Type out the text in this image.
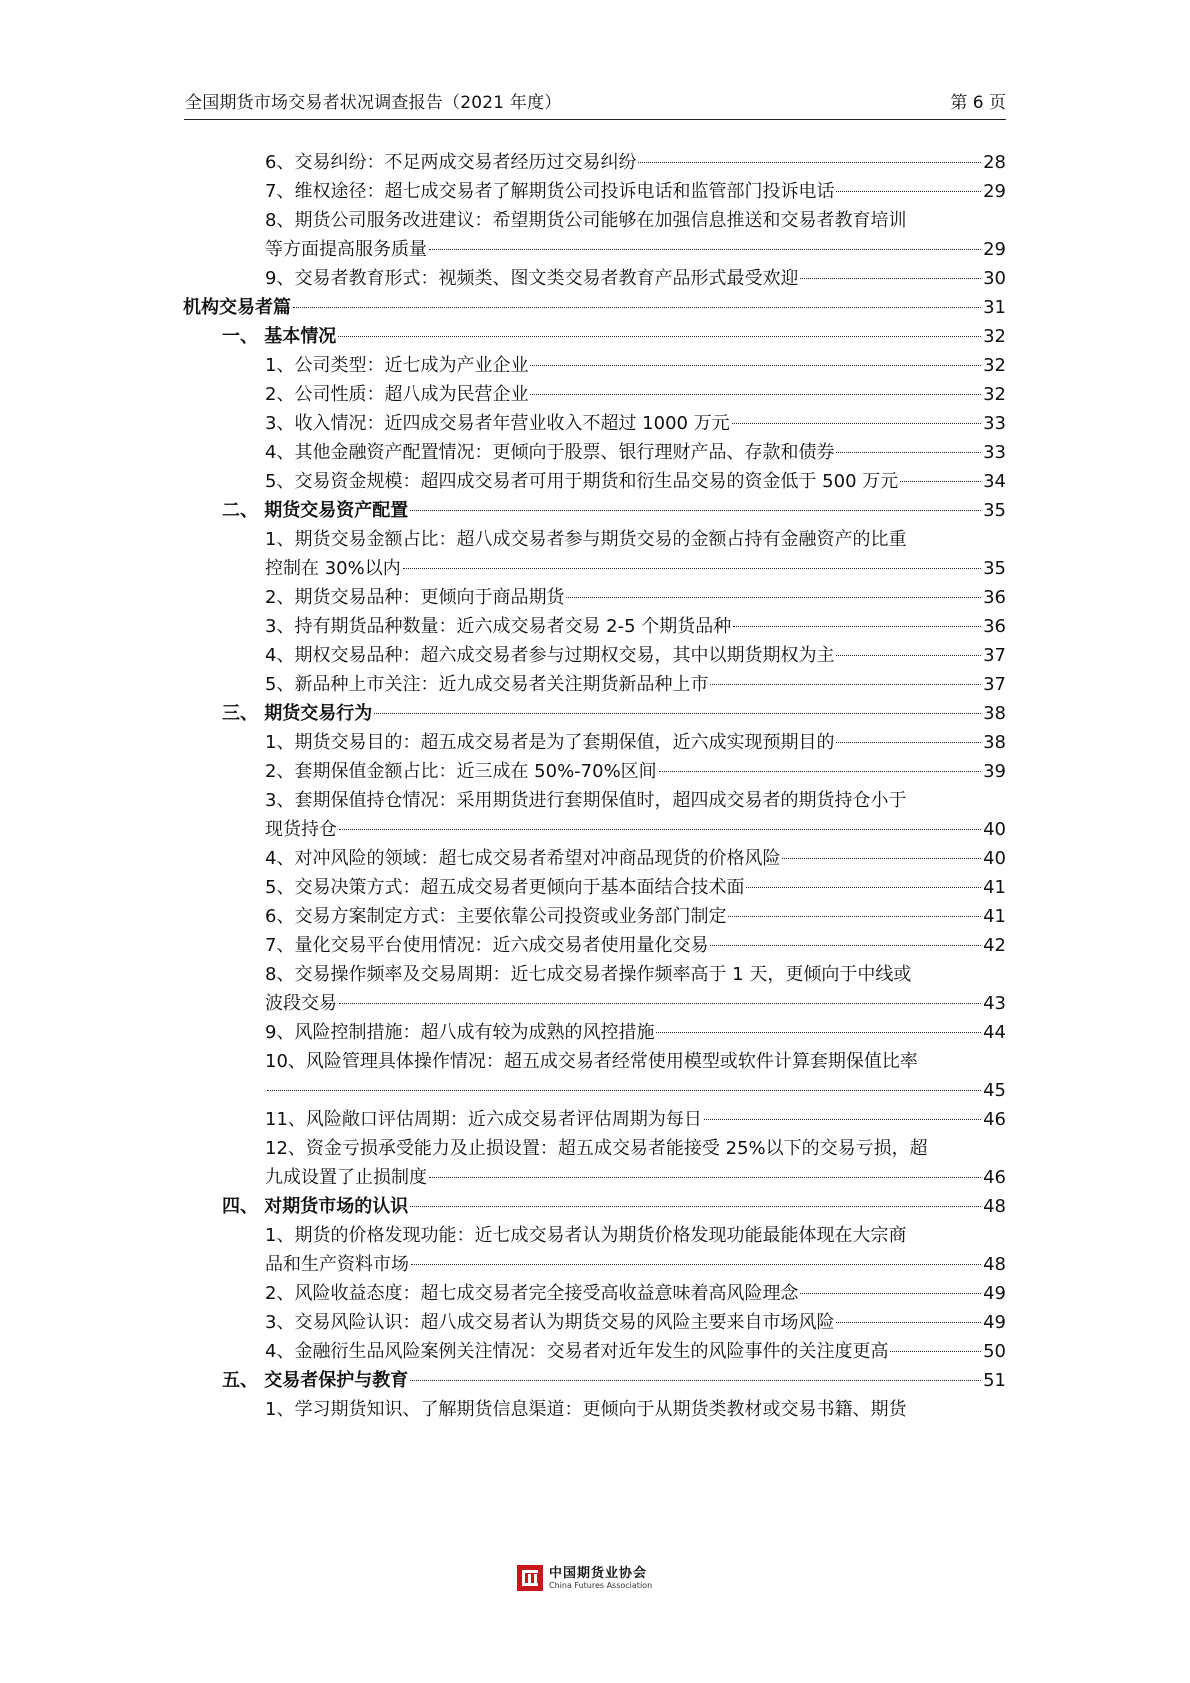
全国期货市场交易者状况调查报告（2021 年度）	第 6 页
6、交易纠纷：不足两成交易者经历过交易纠纷	28
7、维权途径：超七成交易者了解期货公司投诉电话和监管部门投诉电话	29
8、期货公司服务改进建议：希望期货公司能够在加强信息推送和交易者教育培训
等方面提高服务质量	29
9、交易者教育形式：视频类、图文类交易者教育产品形式最受欢迎	30
机构交易者篇	31
一、 基本情况	32
1、公司类型：近七成为产业企业	32
2、公司性质：超八成为民营企业	32
3、收入情况：近四成交易者年营业收入不超过 1000 万元	33
4、其他金融资产配置情况：更倾向于股票、银行理财产品、存款和债券	33
5、交易资金规模：超四成交易者可用于期货和衍生品交易的资金低于 500 万元	34
二、 期货交易资产配置	35
1、期货交易金额占比：超八成交易者参与期货交易的金额占持有金融资产的比重
控制在 30%以内	35
2、期货交易品种：更倾向于商品期货	36
3、持有期货品种数量：近六成交易者交易 2-5 个期货品种	36
4、期权交易品种：超六成交易者参与过期权交易，其中以期货期权为主	37
5、新品种上市关注：近九成交易者关注期货新品种上市	37
三、 期货交易行为	38
1、期货交易目的：超五成交易者是为了套期保值，近六成实现预期目的	38
2、套期保值金额占比：近三成在 50%-70%区间	39
3、套期保值持仓情况：采用期货进行套期保值时，超四成交易者的期货持仓小于
现货持仓	40
4、对冲风险的领域：超七成交易者希望对冲商品现货的价格风险	40
5、交易决策方式：超五成交易者更倾向于基本面结合技术面	41
6、交易方案制定方式：主要依靠公司投资或业务部门制定	41
7、量化交易平台使用情况：近六成交易者使用量化交易	42
8、交易操作频率及交易周期：近七成交易者操作频率高于 1 天，更倾向于中线或
波段交易	43
9、风险控制措施：超八成有较为成熟的风控措施	44
10、风险管理具体操作情况：超五成交易者经常使用模型或软件计算套期保值比率
45
11、风险敞口评估周期：近六成交易者评估周期为每日	46
12、资金亏损承受能力及止损设置：超五成交易者能接受 25%以下的交易亏损，超
九成设置了止损制度	46
四、 对期货市场的认识	48
1、期货的价格发现功能：近七成交易者认为期货价格发现功能最能体现在大宗商
品和生产资料市场	48
2、风险收益态度：超七成交易者完全接受高收益意味着高风险理念	49
3、交易风险认识：超八成交易者认为期货交易的风险主要来自市场风险	49
4、金融衍生品风险案例关注情况：交易者对近年发生的风险事件的关注度更高	50
五、 交易者保护与教育	51
1、学习期货知识、了解期货信息渠道：更倾向于从期货类教材或交易书籍、期货
中国期货业协会
China Futures Association
